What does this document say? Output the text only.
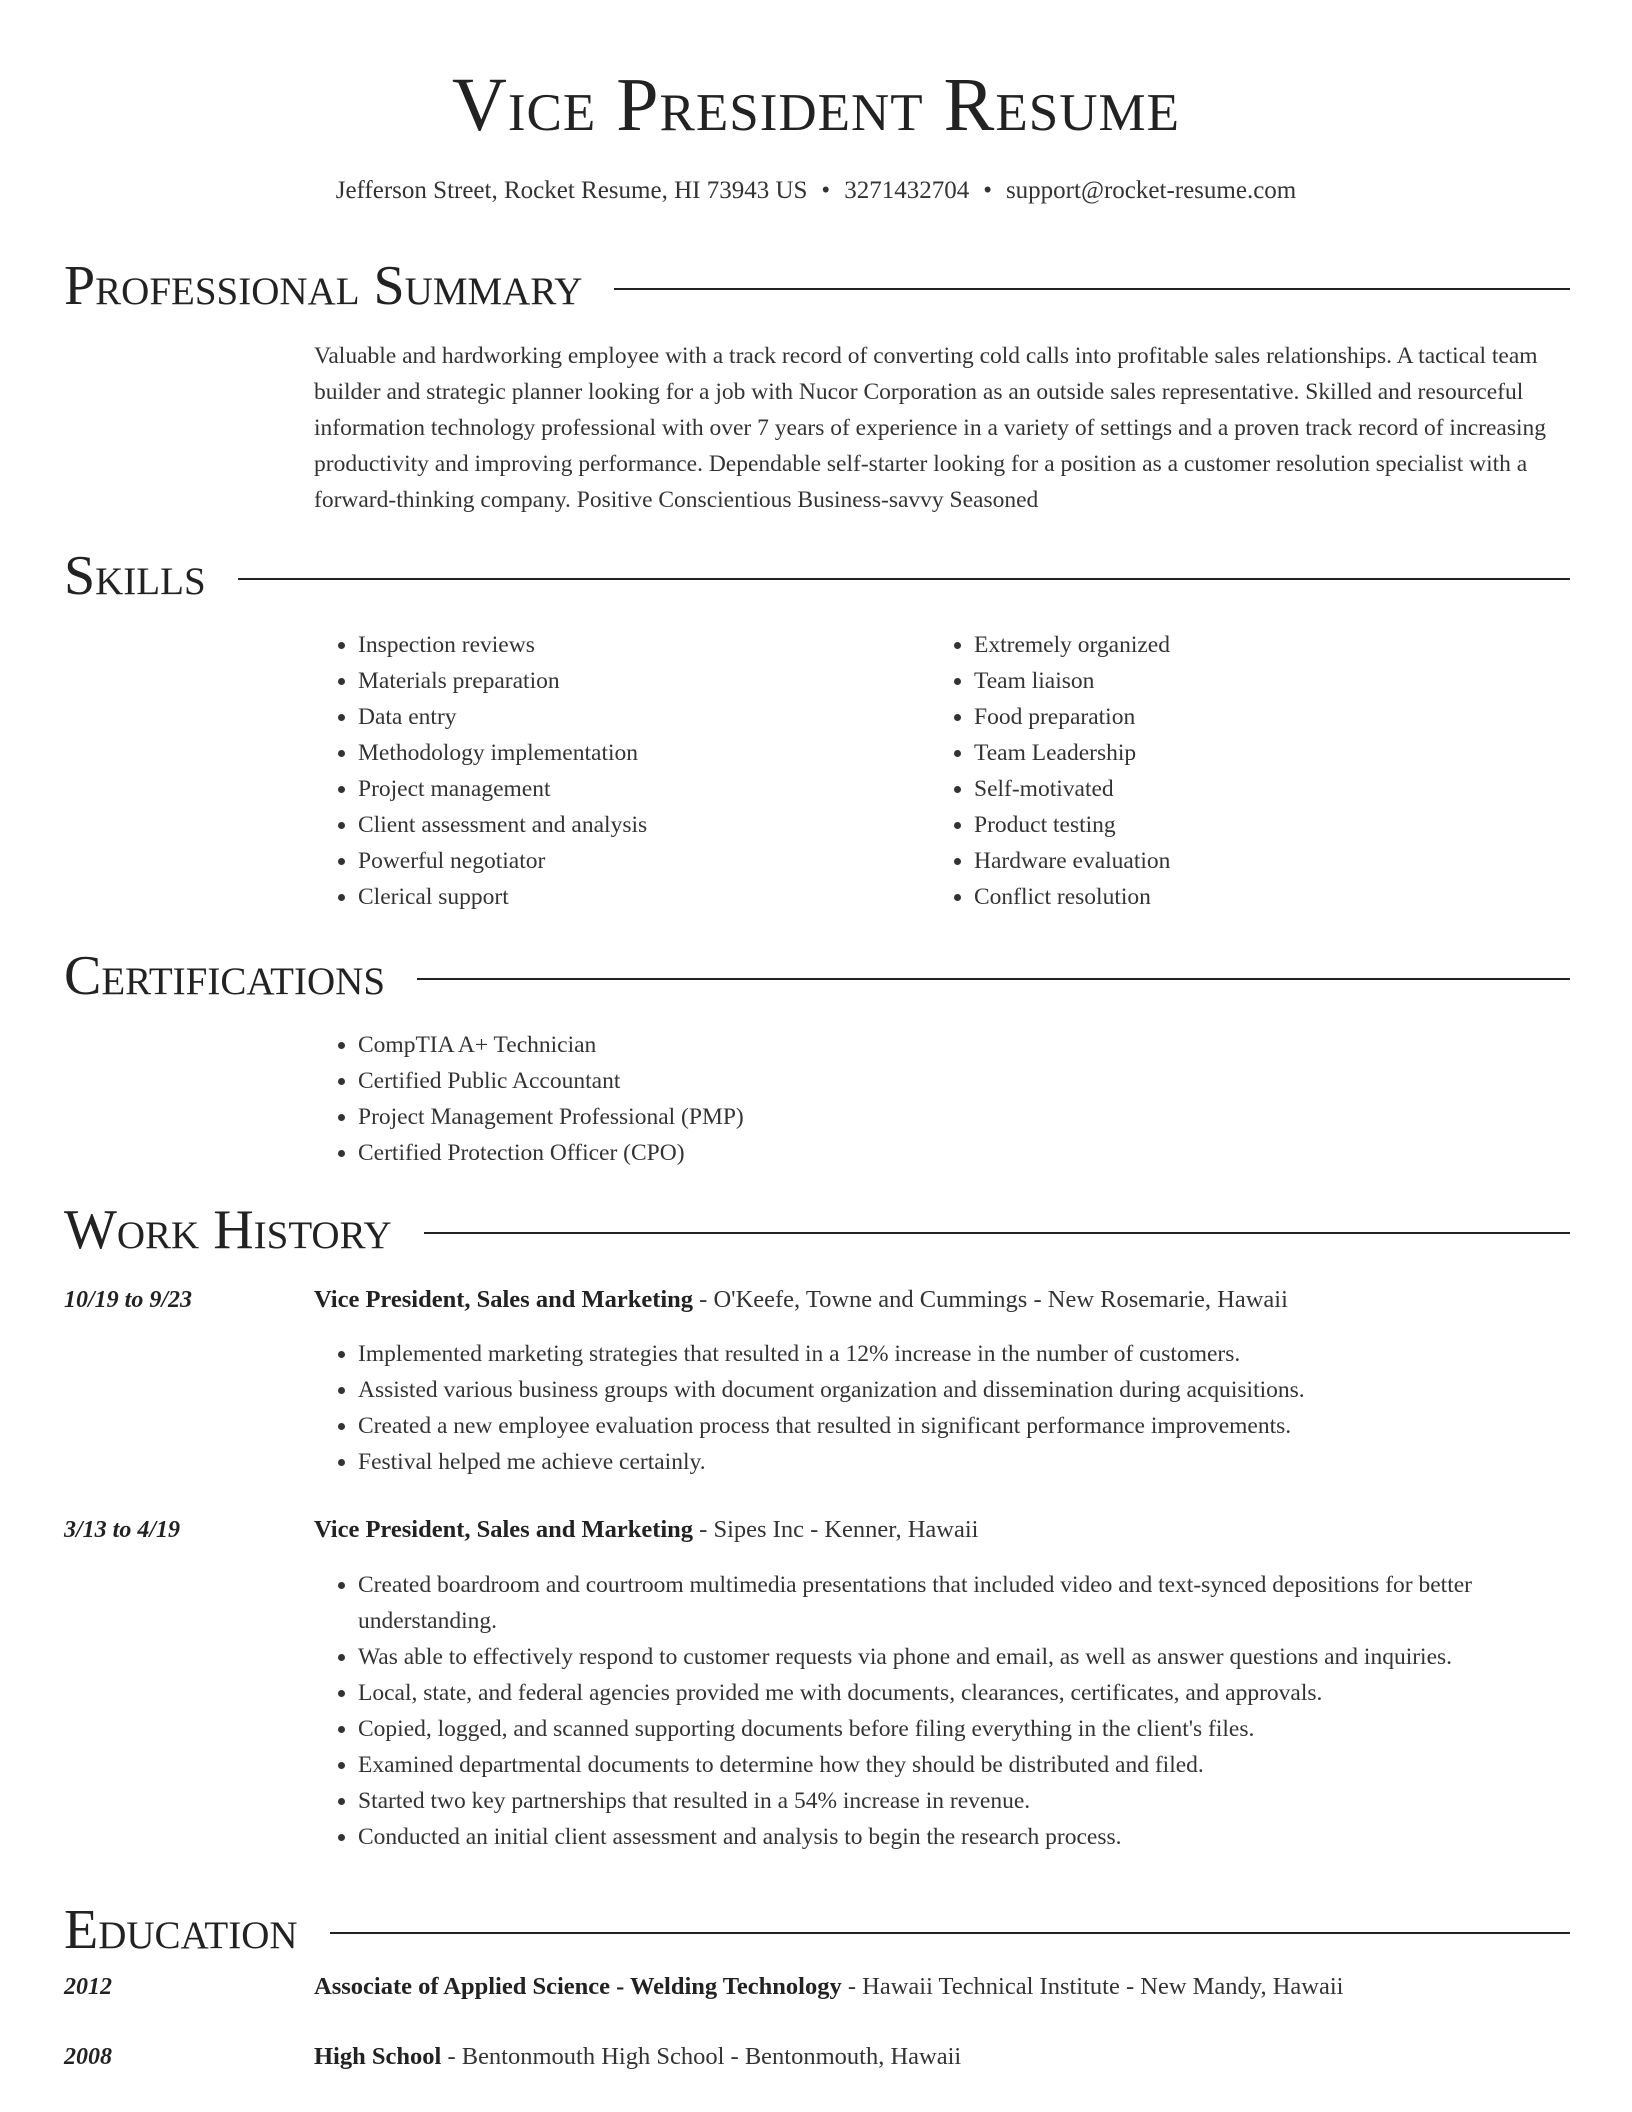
Vice President Resume
Jefferson Street, Rocket Resume, HI 73943 US • 3271432704 • support@rocket-resume.com
Professional Summary

Valuable and hardworking employee with a track record of converting cold calls into profitable sales relationships. A tactical team builder and strategic planner looking for a job with Nucor Corporation as an outside sales representative. Skilled and resourceful information technology professional with over 7 years of experience in a variety of settings and a proven track record of increasing productivity and improving performance. Dependable self-starter looking for a position as a customer resolution specialist with a forward-thinking company. Positive Conscientious Business-savvy Seasoned

Skills
• Inspection reviews
• Materials preparation
• Data entry
• Methodology implementation
• Project management
• Client assessment and analysis
• Powerful negotiator
• Clerical support
• Extremely organized
• Team liaison
• Food preparation
• Team Leadership
• Self-motivated
• Product testing
• Hardware evaluation
• Conflict resolution
Certifications
• CompTIA A+ Technician
• Certified Public Accountant
• Project Management Professional (PMP)
• Certified Protection Officer (CPO)
Work History
10/19 to 9/23	Vice President, Sales and Marketing - O'Keefe, Towne and Cummings - New Rosemarie, Hawaii
• Implemented marketing strategies that resulted in a 12% increase in the number of customers.
• Assisted various business groups with document organization and dissemination during acquisitions.
• Created a new employee evaluation process that resulted in significant performance improvements.
• Festival helped me achieve certainly.
3/13 to 4/19	Vice President, Sales and Marketing - Sipes Inc - Kenner, Hawaii
• Created boardroom and courtroom multimedia presentations that included video and text-synced depositions for better understanding.
• Was able to effectively respond to customer requests via phone and email, as well as answer questions and inquiries.
• Local, state, and federal agencies provided me with documents, clearances, certificates, and approvals.
• Copied, logged, and scanned supporting documents before filing everything in the client's files.
• Examined departmental documents to determine how they should be distributed and filed.
• Started two key partnerships that resulted in a 54% increase in revenue.
• Conducted an initial client assessment and analysis to begin the research process.
Education
2012	Associate of Applied Science - Welding Technology - Hawaii Technical Institute - New Mandy, Hawaii
2008	High School - Bentonmouth High School - Bentonmouth, Hawaii
